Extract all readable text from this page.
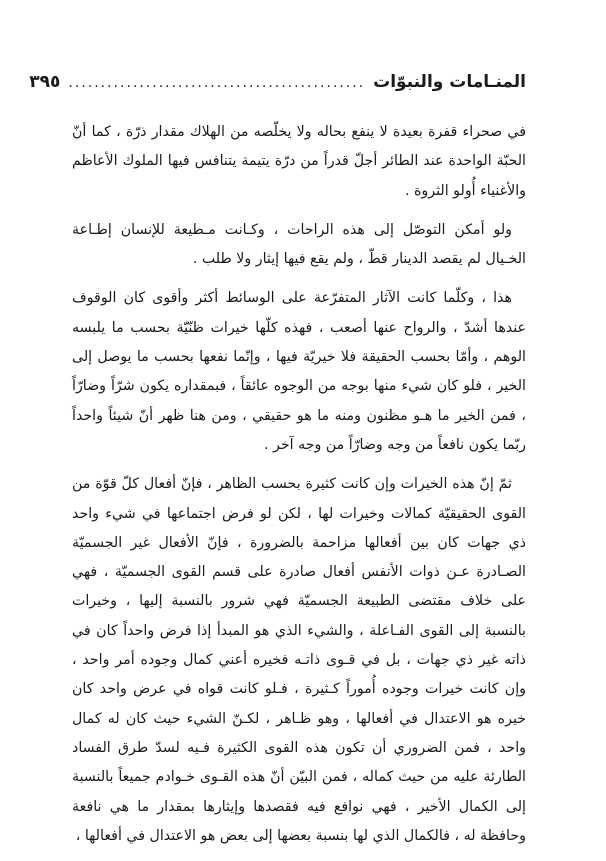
المنـامات والنبوّات
..............................................
٣٩٥

في صحراء قفرة بعيدة لا ينفع بحاله ولا يخلّصه من الهلاك مقدار ذرّة ، كما أنّ الحبّة الواحدة عند الطائر أجلّ قدراً من درّة يتيمة يتنافس فيها الملوك الأعاظم والأغنياء أُولو الثروة .

ولو أمكن التوصّل إلى هذه الراحات ، وكـانت مـطيعة للإنسان إطـاعة الخـيال لم يقصد الدينار قطّ ، ولم يقع فيها إيثار ولا طلب .

هذا ، وكلّما كانت الآثار المتفرّعة على الوسائط أكثر وأقوى كان الوقوف عندها أشدّ ، والرواح عنها أصعب ، فهذه كلّها خيرات ظنّيّة بحسب ما يلبسه الوهم ، وأمّا بحسب الحقيقة فلا خيريّة فيها ، وإنّما نفعها بحسب ما يوصل إلى الخير ، فلو كان شيء منها بوجه من الوجوه عائقاً ، فبمقداره يكون شرّاً وضارّاً ، فمن الخير ما هـو مظنون ومنه ما هو حقيقي ، ومن هنا ظهر أنّ شيئاً واحداً ربّما يكون نافعاً من وجه وضارّاً من وجه آخر .

ثمّ إنّ هذه الخيرات وإن كانت كثيرة بحسب الظاهر ، فإنّ أفعال كلّ قوّة من القوى الحقيقيّة كمالات وخيرات لها ، لكن لو فرض اجتماعها في شيء واحد ذي جهات كان بين أفعالها مزاحمة بالضرورة ، فإنّ الأفعال غير الجسميّة الصـادرة عـن ذوات الأنفس أفعال صادرة على قسم القوى الجسميّة ، فهي على خلاف مقتضى الطبيعة الجسميّة فهي شرور بالنسبة إليها ، وخيرات بالنسبة إلى القوى الفـاعلة ، والشيء الذي هو المبدأ إذا فرض واحداً كان في ذاته غير ذي جهات ، بل في قـوى ذاتـه فخيره أعني كمال وجوده أمر واحد ، وإن كانت خيرات وجوده أُموراً كـثيرة ، فـلو كانت قواه في عرض واحد كان خيره هو الاعتدال في أفعالها ، وهو ظـاهر ، لكـنّ الشيء حيث كان له كمال واحد ، فمن الضروري أن تكون هذه القوى الكثيرة فـيه لسدّ طرق الفساد الطارئة عليه من حيث كماله ، فمن البيّن أنّ هذه القـوى خـوادم جميعاً بالنسبة إلى الكمال الأخير ، فهي نوافع فيه فقصدها وإيثارها بمقدار ما هي نافعة وحافظة له ، فالكمال الذي لها بنسبة بعضها إلى بعض هو الاعتدال في أفعالها ،
